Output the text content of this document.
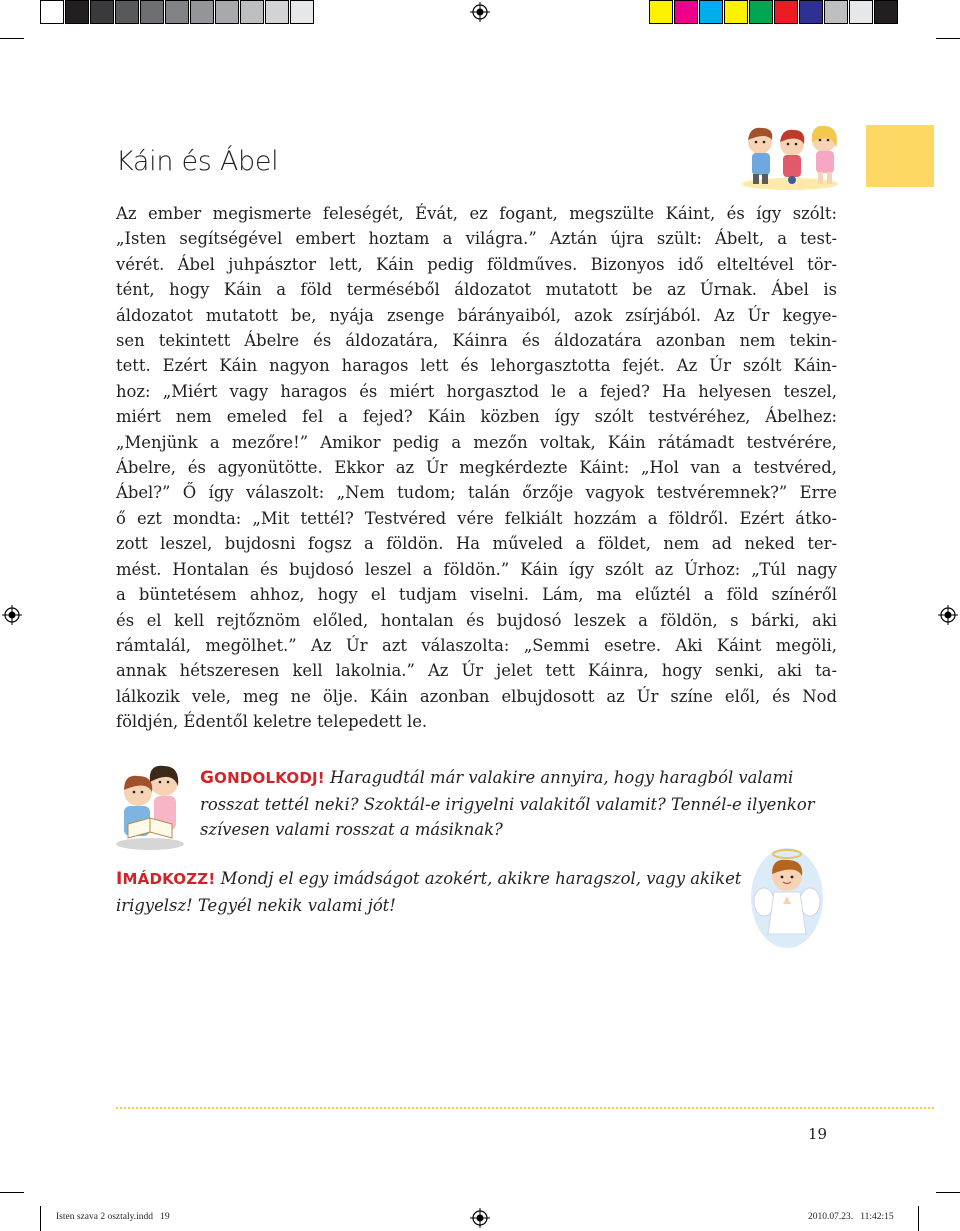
Káin és Ábel
Az ember megismerte feleségét, Évát, ez fogant, megszülte Káint, és így szólt:
„Isten segítségével embert hoztam a világra.” Aztán újra szült: Ábelt, a test-
vérét. Ábel juhpásztor lett, Káin pedig földműves. Bizonyos idő elteltével tör-
tént, hogy Káin a föld terméséből áldozatot mutatott be az Úrnak. Ábel is
áldozatot mutatott be, nyája zsenge bárányaiból, azok zsírjából. Az Úr kegye-
sen tekintett Ábelre és áldozatára, Káinra és áldozatára azonban nem tekin-
tett. Ezért Káin nagyon haragos lett és lehorgasztotta fejét. Az Úr szólt Káin-
hoz: „Miért vagy haragos és miért horgasztod le a fejed? Ha helyesen teszel,
miért nem emeled fel a fejed? Káin közben így szólt testvéréhez, Ábelhez:
„Menjünk a mezőre!” Amikor pedig a mezőn voltak, Káin rátámadt testvérére,
Ábelre, és agyonütötte. Ekkor az Úr megkérdezte Káint: „Hol van a testvéred,
Ábel?” Ő így válaszolt: „Nem tudom; talán őrzője vagyok testvéremnek?” Erre
ő ezt mondta: „Mit tettél? Testvéred vére felkiált hozzám a földről. Ezért átko-
zott leszel, bujdosni fogsz a földön. Ha műveled a földet, nem ad neked ter-
mést. Hontalan és bujdosó leszel a földön.” Káin így szólt az Úrhoz: „Túl nagy
a büntetésem ahhoz, hogy el tudjam viselni. Lám, ma elűztél a föld színéről
és el kell rejtőznöm előled, hontalan és bujdosó leszek a földön, s bárki, aki
rámtalál, megölhet.” Az Úr azt válaszolta: „Semmi esetre. Aki Káint megöli,
annak hétszeresen kell lakolnia.” Az Úr jelet tett Káinra, hogy senki, aki ta-
lálkozik vele, meg ne ölje. Káin azonban elbujdosott az Úr színe elől, és Nod
földjén, Édentől keletre telepedett le.
GONDOLKODJ! Haragudtál már valakire annyira, hogy haragból valami
rosszat tettél neki? Szoktál-e irigyelni valakitől valamit? Tennél-e ilyenkor
szívesen valami rosszat a másiknak?
IMÁDKOZZ! Mondj el egy imádságot azokért, akikre haragszol, vagy akiket
irigyelsz! Tegyél nekik valami jót!
19
Isten szava 2 osztaly.indd   19	2010.07.23.   11:42:15
